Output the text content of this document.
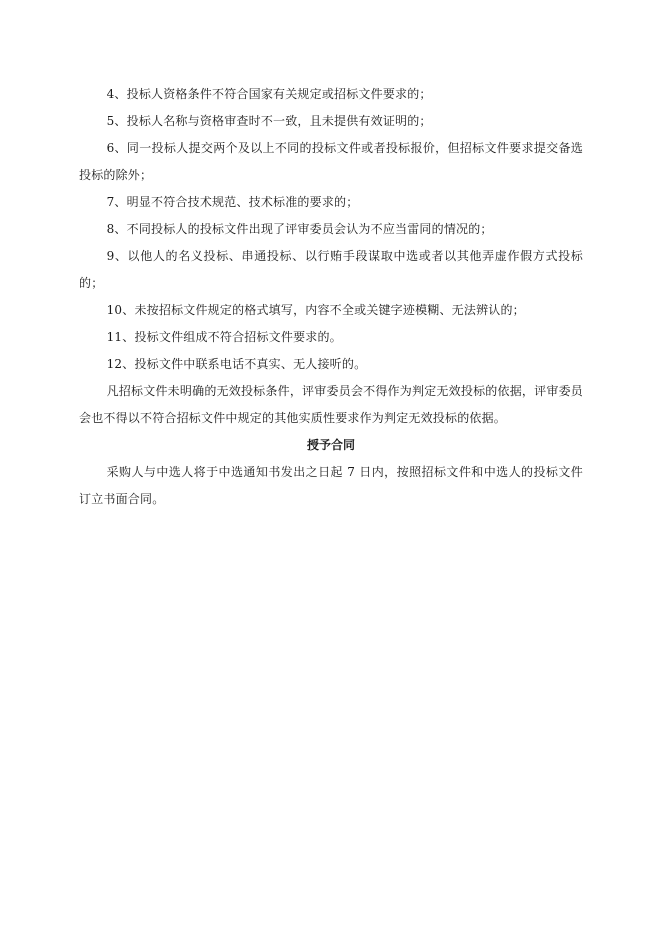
4、投标人资格条件不符合国家有关规定或招标文件要求的；

5、投标人名称与资格审查时不一致，且未提供有效证明的；

6、同一投标人提交两个及以上不同的投标文件或者投标报价，但招标文件要求提交备选投标的除外；

7、明显不符合技术规范、技术标准的要求的；

8、不同投标人的投标文件出现了评审委员会认为不应当雷同的情况的；

9、以他人的名义投标、串通投标、以行贿手段谋取中选或者以其他弄虚作假方式投标的；

10、未按招标文件规定的格式填写，内容不全或关键字迹模糊、无法辨认的；

11、投标文件组成不符合招标文件要求的。

12、投标文件中联系电话不真实、无人接听的。

凡招标文件未明确的无效投标条件，评审委员会不得作为判定无效投标的依据，评审委员会也不得以不符合招标文件中规定的其他实质性要求作为判定无效投标的依据。

授予合同

采购人与中选人将于中选通知书发出之日起 7 日内，按照招标文件和中选人的投标文件订立书面合同。
